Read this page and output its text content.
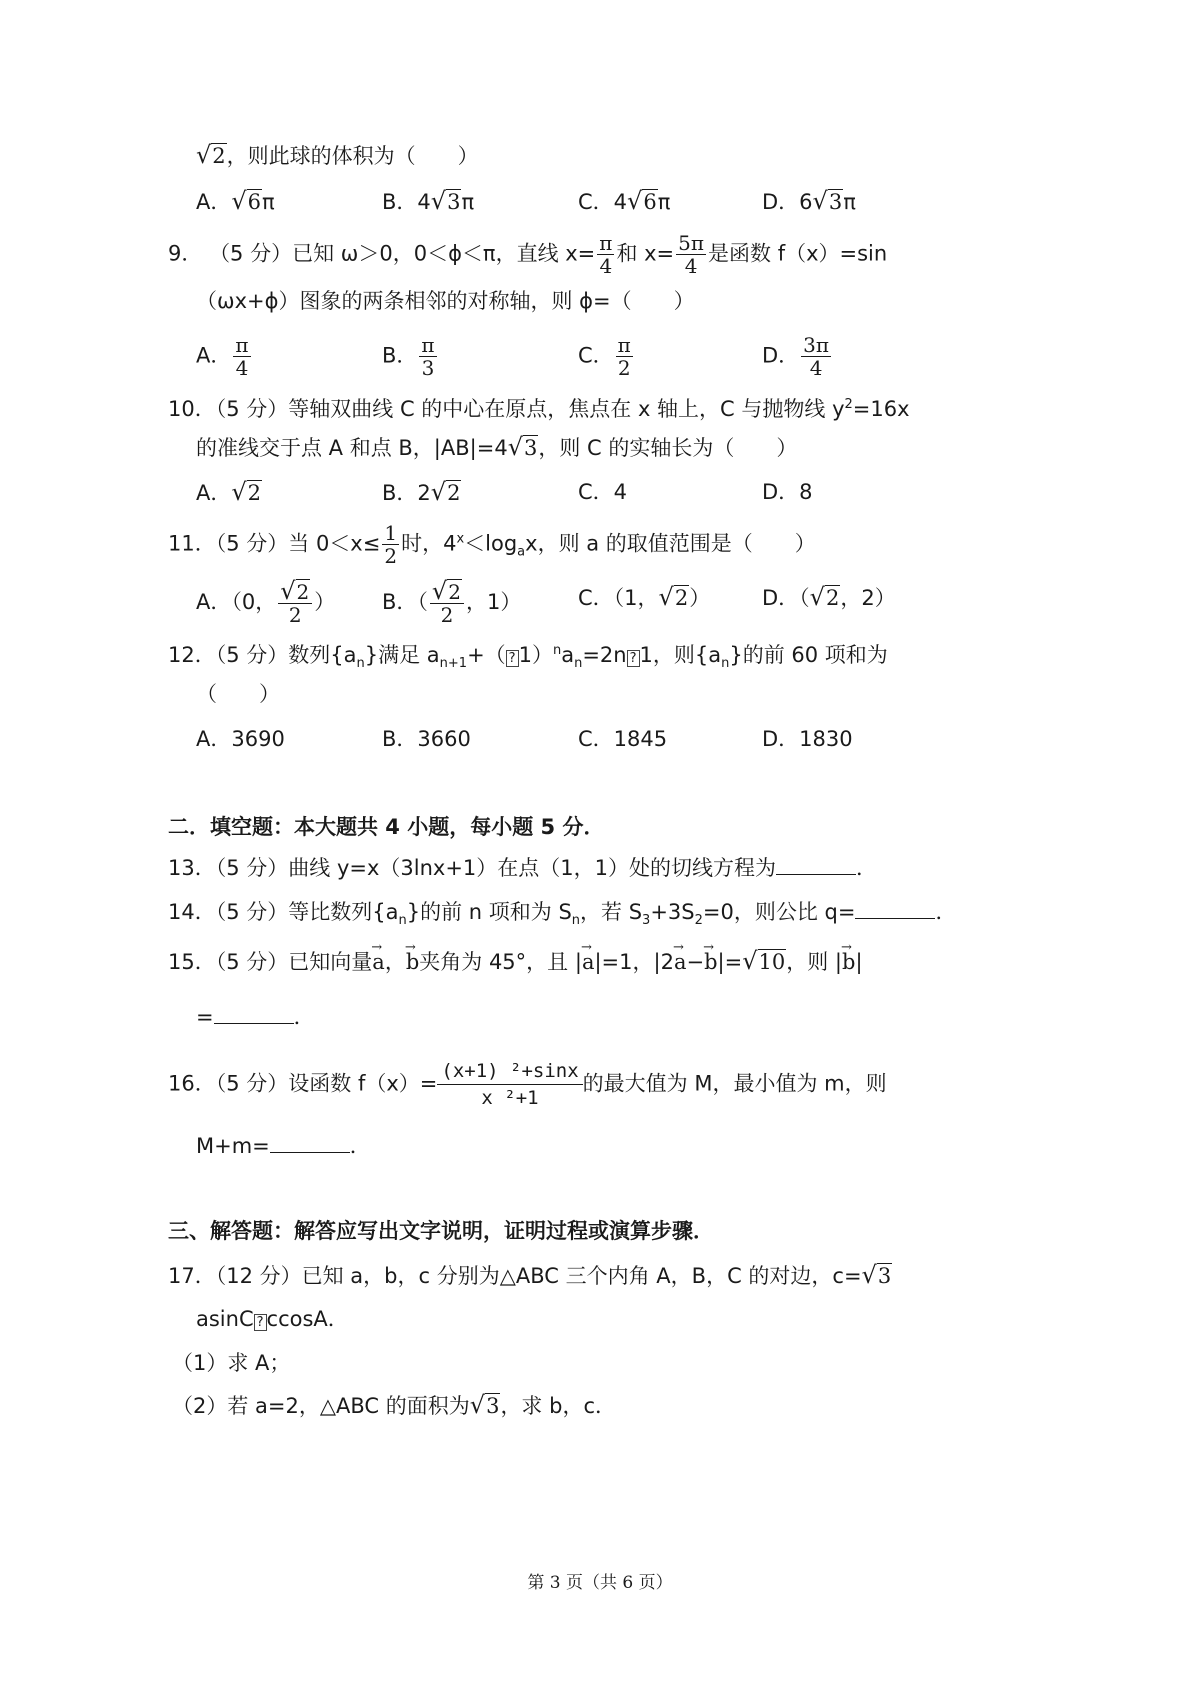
√2，则此球的体积为（　　）
A．√6π	B．4√3π	C．4√6π	D．6√3π
9． （5 分）已知 ω＞0，0＜ϕ＜π，直线 $x= \frac{\pi}{4}$ 和 $x= \frac{5\pi}{4}$ 是函数 f（x）=sin
（ωx+ϕ）图象的两条相邻的对称轴，则 ϕ=（　　）
A． $\frac{\pi}{4}$	B． $\frac{\pi}{3}$	C． $\frac{\pi}{2}$	D． $\frac{3\pi}{4}$
10．（5 分）等轴双曲线 C 的中心在原点，焦点在 x 轴上，C 与抛物线 $y^2=16x$
的准线交于点 A 和点 B，|AB|=4√3，则 C 的实轴长为（　　）
A．√2	B．2√2	C．4	D．8
11．（5 分）当 $0<x\le \frac{1}{2}$ 时，$4^x<\log_ax$，则 a 的取值范围是（　　）
A．（0， $\frac{√2}{2}$ ） B．（ $\frac{√2}{2}$ ，1）	C．（1，√2） D．（√2，2）
12．（5 分）数列$\{a_n\}$满足 $a_{n+1}+$（ ? $1)^na_n=2n$ ? 1，则$\{a_n\}$的前 60 项和为
（　　）
A．3690	B．3660	C．1845	D．1830
二．填空题：本大题共 4 小题，每小题 5 分．
13．（5 分）曲线 y=x（3lnx+1）在点（1，1）处的切线方程为	．
14．（5 分）等比数列$\{a_n\}$的前 n 项和为 $S_n$，若 $S_3+3S_2=0$，则公比 q=	．
15．（5 分）已知向量→ a，→ b夹角为 45°，且 |→ a|=1，|2→ a−→ b|=√10，则 |→ b|
=	．
16．（5 分）设函数 $f(x)= \frac{\text{(x+1) ²+sinx}}{\text{x ²+1}}$的最大值为 M，最小值为 m，则
M+m=	．
三、解答题：解答应写出文字说明，证明过程或演算步骤．
17．（12 分）已知 a，b，c 分别为△ABC 三个内角 A，B，C 的对边，c=√3
asinC ? ccosA．
（1）求 A；
（2）若 a=2，△ABC 的面积为√3，求 b，c．
第 3 页（共 6 页）
